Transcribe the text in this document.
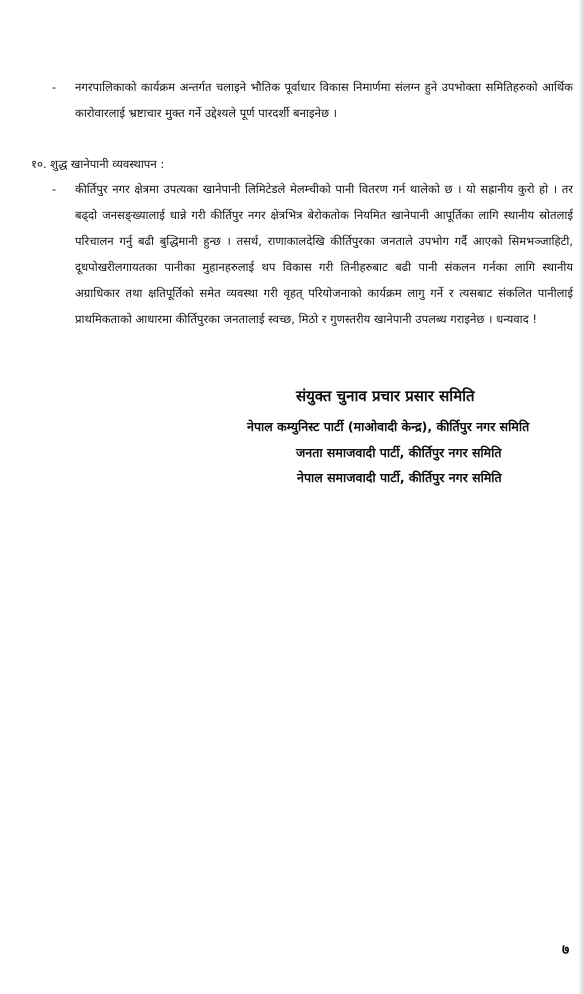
-	नगरपालिकाको कार्यक्रम अन्तर्गत चलाइने भौतिक पूर्वाधार विकास निमार्णमा संलग्न हुने उपभोक्ता समितिहरुको आर्थिक कारोवारलाई भ्रष्टाचार मुक्त गर्ने उद्देश्यले पूर्ण पारदर्शी बनाइनेछ ।
१०. शुद्ध खानेपानी व्यवस्थापन :
-	कीर्तिपुर नगर क्षेत्रमा उपत्यका खानेपानी लिमिटेडले मेलम्चीको पानी वितरण गर्न थालेको छ । यो सह्रानीय कुरो हो । तर बढ्दो जनसङ्ख्यालाई धान्ने गरी कीर्तिपुर नगर क्षेत्रभित्र बेरोकतोक नियमित खानेपानी आपूर्तिका लागि स्थानीय स्रोतलाई परिचालन गर्नु बढी बुद्धिमानी हुन्छ । तसर्थ, राणाकालदेखि कीर्तिपुरका जनताले उपभोग गर्दै आएको सिमभञ्जाहिटी, दूधपोखरीलगायतका पानीका मुहानहरुलाई थप विकास गरी तिनीहरुबाट बढी पानी संकलन गर्नका लागि स्थानीय अग्राधिकार तथा क्षतिपूर्तिको समेत व्यवस्था गरी वृहत् परियोजनाको कार्यक्रम लागु गर्ने र त्यसबाट संकलित पानीलाई प्राथमिकताको आधारमा कीर्तिपुरका जनतालाई स्वच्छ, मिठो र गुणस्तरीय खानेपानी उपलब्ध गराइनेछ । धन्यवाद !
संयुक्त चुनाव प्रचार प्रसार समिति
नेपाल कम्युनिस्ट पार्टी (माओवादी केन्द्र), कीर्तिपुर नगर समिति
जनता समाजवादी पार्टी, कीर्तिपुर नगर समिति
नेपाल समाजवादी पार्टी, कीर्तिपुर नगर समिति
७
